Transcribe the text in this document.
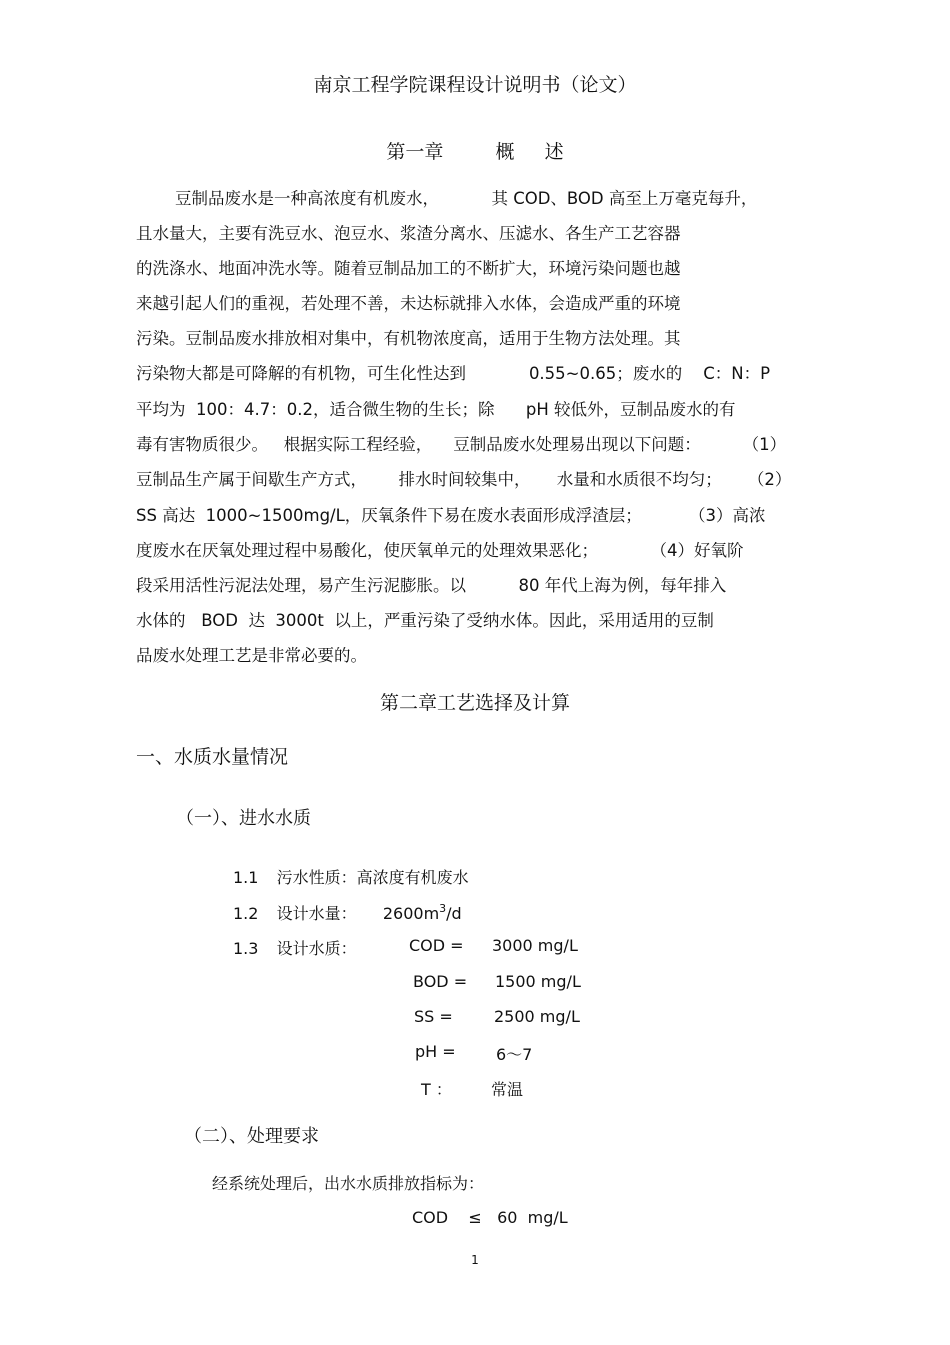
南京工程学院课程设计说明书（论文）
第一章	概 述
豆制品废水是一种高浓度有机废水，          其 COD、BOD 高至上万毫克每升，
且水量大，主要有洗豆水、泡豆水、浆渣分离水、压滤水、各生产工艺容器
的洗涤水、地面冲洗水等。随着豆制品加工的不断扩大，环境污染问题也越
来越引起人们的重视，若处理不善，未达标就排入水体，会造成严重的环境
污染。豆制品废水排放相对集中，有机物浓度高，适用于生物方法处理。其
污染物大都是可降解的有机物，可生化性达到            0.55~0.65；废水的    C：N：P
平均为  100：4.7：0.2，适合微生物的生长；除      pH 较低外，豆制品废水的有
毒有害物质很少。   根据实际工程经验，    豆制品废水处理易出现以下问题：        （1）
豆制品生产属于间歇生产方式，      排水时间较集中，     水量和水质很不均匀；     （2）
SS 高达  1000~1500mg/L，厌氧条件下易在废水表面形成浮渣层；         （3）高浓
度废水在厌氧处理过程中易酸化，使厌氧单元的处理效果恶化；          （4）好氧阶
段采用活性污泥法处理，易产生污泥膨胀。以          80 年代上海为例，每年排入
水体的   BOD  达  3000t  以上，严重污染了受纳水体。因此，采用适用的豆制
品废水处理工艺是非常必要的。
第二章工艺选择及计算
一、水质水量情况
（一）、进水水质
1.1 污水性质：高浓度有机废水
1.2 设计水量： $2600m^3/d$
1.3 设计水质：	COD = 3000 mg/L
BOD = 1500 mg/L
SS =	2500 mg/L
pH =	6～7
T ： 常温
（二）、处理要求
经系统处理后，出水水质排放指标为：
COD    ≤   60  mg/L
1
